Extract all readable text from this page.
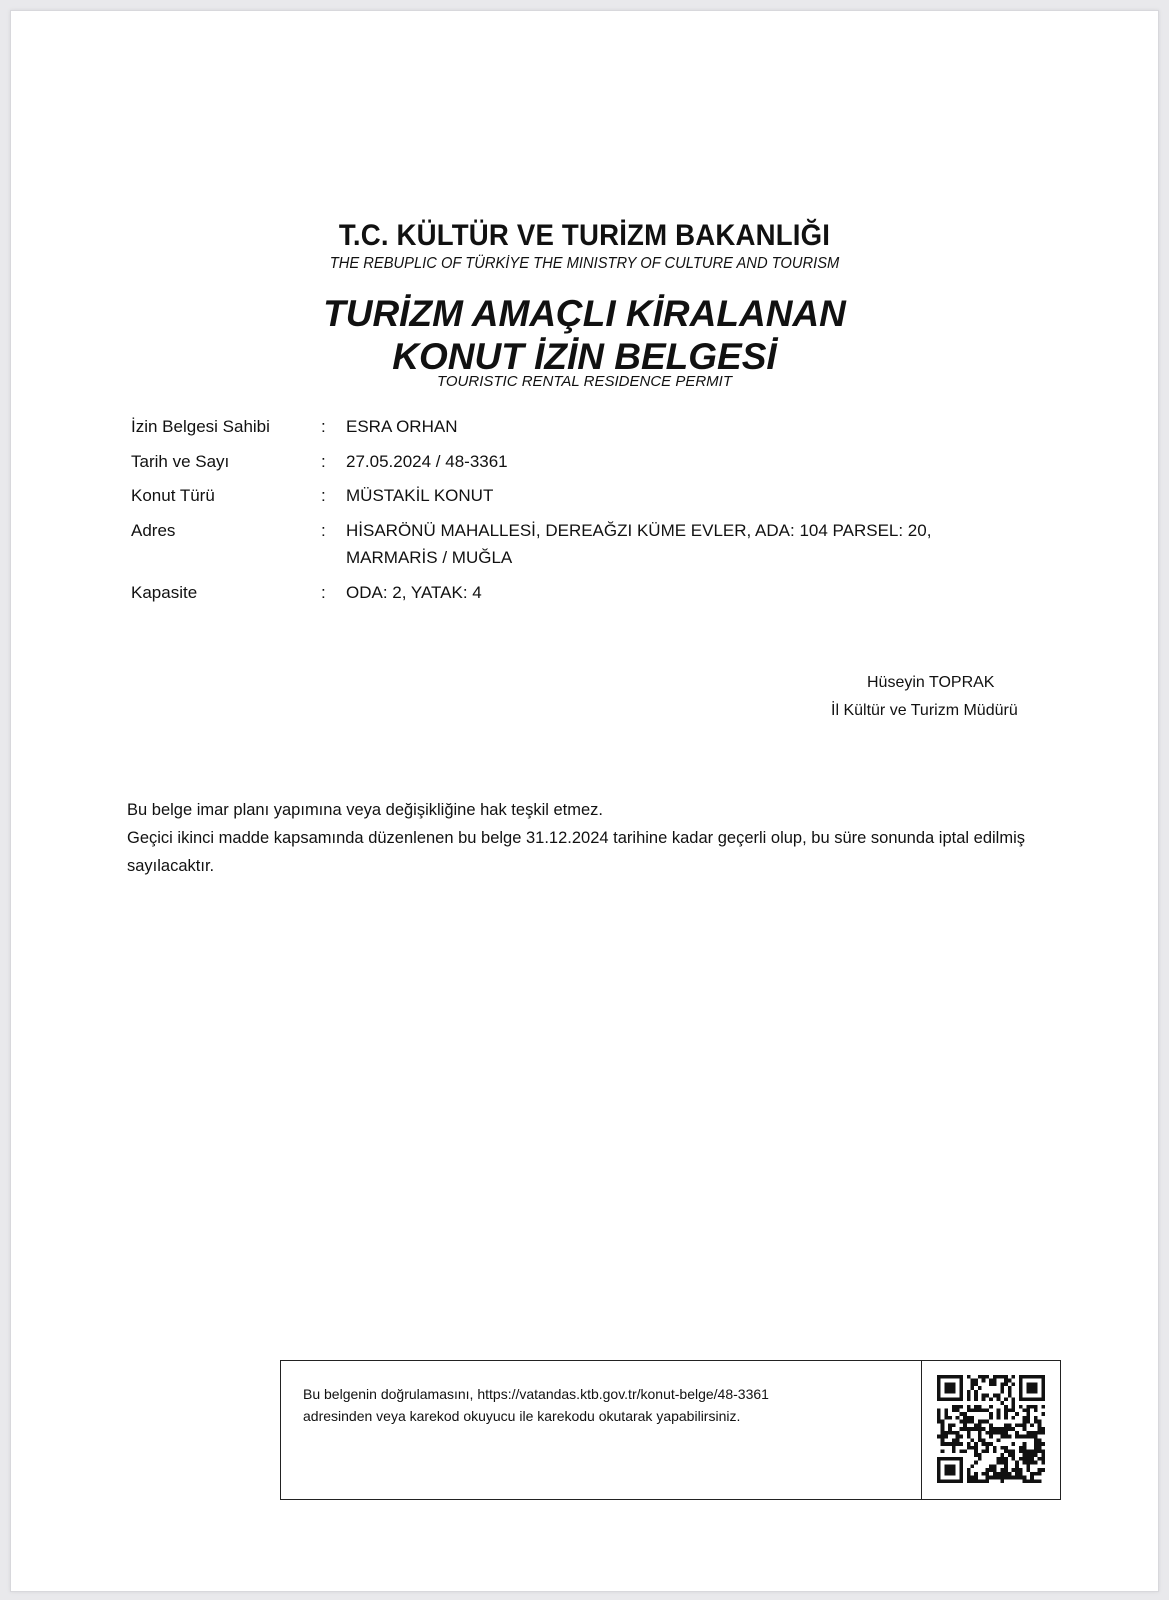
T.C. KÜLTÜR VE TURİZM BAKANLIĞI
THE REBUPLIC OF TÜRKİYE THE MINISTRY OF CULTURE AND TOURISM
TURİZM AMAÇLI KİRALANAN
KONUT İZİN BELGESİ
TOURISTIC RENTAL RESIDENCE PERMIT
İzin Belgesi Sahibi	: ESRA ORHAN
Tarih ve Sayı	: 27.05.2024 / 48-3361
Konut Türü	: MÜSTAKİL KONUT
Adres	: HİSARÖNÜ MAHALLESİ, DEREAĞZI KÜME EVLER, ADA: 104 PARSEL: 20,
MARMARİS / MUĞLA
Kapasite	: ODA: 2, YATAK: 4
Hüseyin TOPRAK
İl Kültür ve Turizm Müdürü

Bu belge imar planı yapımına veya değişikliğine hak teşkil etmez.

Geçici ikinci madde kapsamında düzenlenen bu belge 31.12.2024 tarihine kadar geçerli olup, bu süre sonunda iptal edilmiş sayılacaktır.

Bu belgenin doğrulamasını, https://vatandas.ktb.gov.tr/konut-belge/48-3361

adresinden veya karekod okuyucu ile karekodu okutarak yapabilirsiniz.
